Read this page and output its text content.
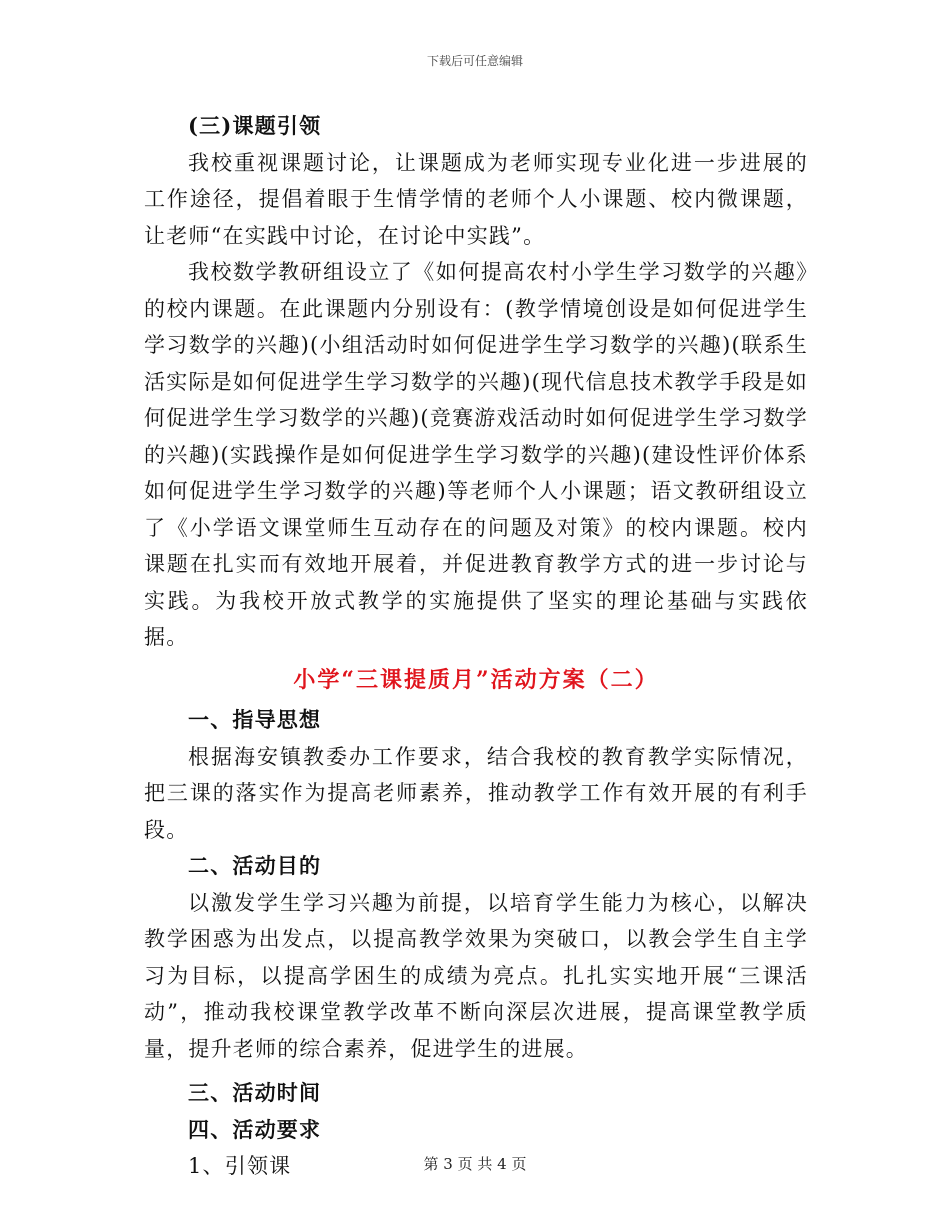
下载后可任意编辑

(三)课题引领

我校重视课题讨论，让课题成为老师实现专业化进一步进展的工作途径，提倡着眼于生情学情的老师个人小课题、校内微课题，让老师“在实践中讨论，在讨论中实践”。

我校数学教研组设立了《如何提高农村小学生学习数学的兴趣》的校内课题。在此课题内分别设有：(教学情境创设是如何促进学生学习数学的兴趣)(小组活动时如何促进学生学习数学的兴趣)(联系生活实际是如何促进学生学习数学的兴趣)(现代信息技术教学手段是如何促进学生学习数学的兴趣)(竞赛游戏活动时如何促进学生学习数学的兴趣)(实践操作是如何促进学生学习数学的兴趣)(建设性评价体系如何促进学生学习数学的兴趣)等老师个人小课题；语文教研组设立了《小学语文课堂师生互动存在的问题及对策》的校内课题。校内课题在扎实而有效地开展着，并促进教育教学方式的进一步讨论与实践。为我校开放式教学的实施提供了坚实的理论基础与实践依据。

小学“三课提质月”活动方案（二）

一、指导思想

根据海安镇教委办工作要求，结合我校的教育教学实际情况，把三课的落实作为提高老师素养，推动教学工作有效开展的有利手段。

二、活动目的

以激发学生学习兴趣为前提，以培育学生能力为核心，以解决教学困惑为出发点，以提高教学效果为突破口，以教会学生自主学习为目标，以提高学困生的成绩为亮点。扎扎实实地开展“三课活动”，推动我校课堂教学改革不断向深层次进展，提高课堂教学质量，提升老师的综合素养，促进学生的进展。

三、活动时间

四、活动要求

1、引领课	第 3 页 共 4 页
